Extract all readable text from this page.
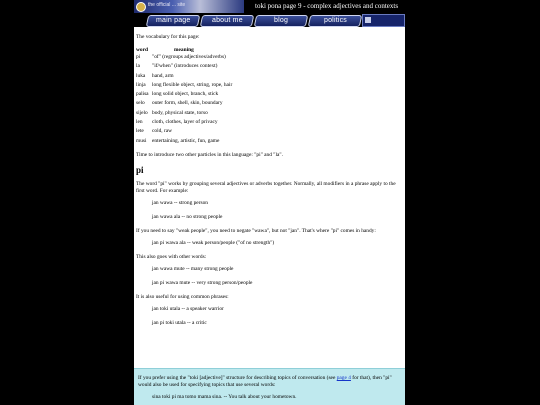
the official ... site	toki pona page 9 - complex adjectives and contexts
main page	about me	blog	politics

The vocabulary for this page:

word	meaning
pi	"of" (regroups adjectives/adverbs)
la	"if/when" (introduces context)
luka	hand, arm
linja	long flexible object, string, rope, hair
palisa	long solid object, branch, stick
selo	outer form, shell, skin, boundary
sijelo	body, physical state, torso
len	cloth, clothes, layer of privacy
lete	cold, raw
musi	entertaining, artistic, fun, game

Time to introduce two other particles in this language: "pi" and "la".

pi

The word "pi" works by grouping several adjectives or adverbs together. Normally, all modifiers in a phrase apply to the first word. For example:

jan wawa -- strong person

jan wawa ala -- no strong people

If you need to say "weak people", you need to negate "wawa", but not "jan". That's where "pi" comes in handy:

jan pi wawa ala -- weak person/people ("of no strength")

This also goes with other words:

jan wawa mute -- many strong people

jan pi wawa mute -- very strong person/people

It is also useful for using common phrases:

jan toki utala -- a speaker warrior

jan pi toki utala -- a critic

If you prefer using the "toki [adjective]" structure for describing topics of conversation (see page 4 for that), then "pi" would also be used for specifying topics that use several words:

sina toki pi ma tomo mama sina. -- You talk about your hometown.
